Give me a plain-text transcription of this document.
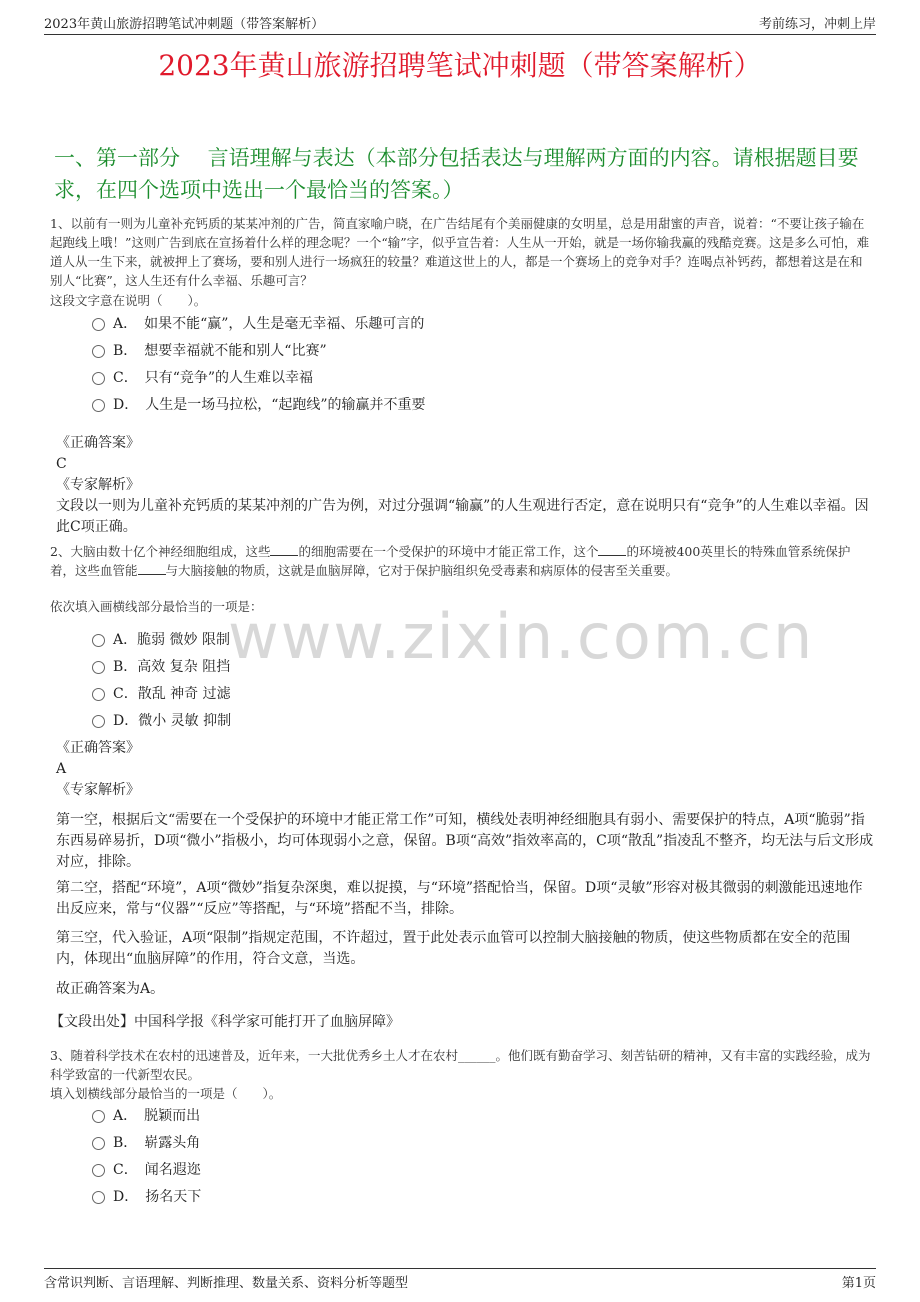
2023年黄山旅游招聘笔试冲刺题（带答案解析）	考前练习，冲刺上岸
2023年黄山旅游招聘笔试冲刺题（带答案解析）
一、第一部分　 言语理解与表达（本部分包括表达与理解两方面的内容。请根据题目要求，在四个选项中选出一个最恰当的答案。）
1、以前有一则为儿童补充钙质的某某冲剂的广告，简直家喻户晓，在广告结尾有个美丽健康的女明星，总是用甜蜜的声音，说着：“不要让孩子输在起跑线上哦！”这则广告到底在宣扬着什么样的理念呢？一个“输”字，似乎宣告着：人生从一开始，就是一场你输我赢的残酷竞赛。这是多么可怕，难道人从一生下来，就被押上了赛场，要和别人进行一场疯狂的较量？难道这世上的人，都是一个赛场上的竞争对手？连喝点补钙药，都想着这是在和别人“比赛”，这人生还有什么幸福、乐趣可言？
这段文字意在说明（　　）。
A．　如果不能“赢”，人生是毫无幸福、乐趣可言的
B．　想要幸福就不能和别人“比赛”
C．　只有“竞争”的人生难以幸福
D．　人生是一场马拉松，“起跑线”的输赢并不重要
《正确答案》
C
《专家解析》
文段以一则为儿童补充钙质的某某冲剂的广告为例，对过分强调“输赢”的人生观进行否定，意在说明只有“竞争”的人生难以幸福。因此C项正确。
2、大脑由数十亿个神经细胞组成，这些 的细胞需要在一个受保护的环境中才能正常工作，这个 的环境被400英里长的特殊血管系统保护着，这些血管能 与大脑接触的物质，这就是血脑屏障，它对于保护脑组织免受毒素和病原体的侵害至关重要。
依次填入画横线部分最恰当的一项是：
A．脆弱 微妙 限制
B．高效 复杂 阻挡
C．散乱 神奇 过滤
D．微小 灵敏 抑制
《正确答案》
A
《专家解析》
第一空，根据后文“需要在一个受保护的环境中才能正常工作”可知，横线处表明神经细胞具有弱小、需要保护的特点，A项“脆弱”指东西易碎易折，D项“微小”指极小，均可体现弱小之意，保留。B项“高效”指效率高的，C项“散乱”指凌乱不整齐，均无法与后文形成对应，排除。
第二空，搭配“环境”，A项“微妙”指复杂深奥，难以捉摸，与“环境”搭配恰当，保留。D项“灵敏”形容对极其微弱的刺激能迅速地作出反应来，常与“仪器”“反应”等搭配，与“环境”搭配不当，排除。
第三空，代入验证，A项“限制”指规定范围，不许超过，置于此处表示血管可以控制大脑接触的物质，使这些物质都在安全的范围内，体现出“血脑屏障”的作用，符合文意，当选。
故正确答案为A。
【文段出处】中国科学报《科学家可能打开了血脑屏障》
www.zixin.com.cn
3、随着科学技术在农村的迅速普及，近年来，一大批优秀乡土人才在农村______。他们既有勤奋学习、刻苦钻研的精神，又有丰富的实践经验，成为科学致富的一代新型农民。
填入划横线部分最恰当的一项是（　　）。
A．　脱颖而出
B．　崭露头角
C．　闻名遐迩
D．　扬名天下
含常识判断、言语理解、判断推理、数量关系、资料分析等题型	第1页
